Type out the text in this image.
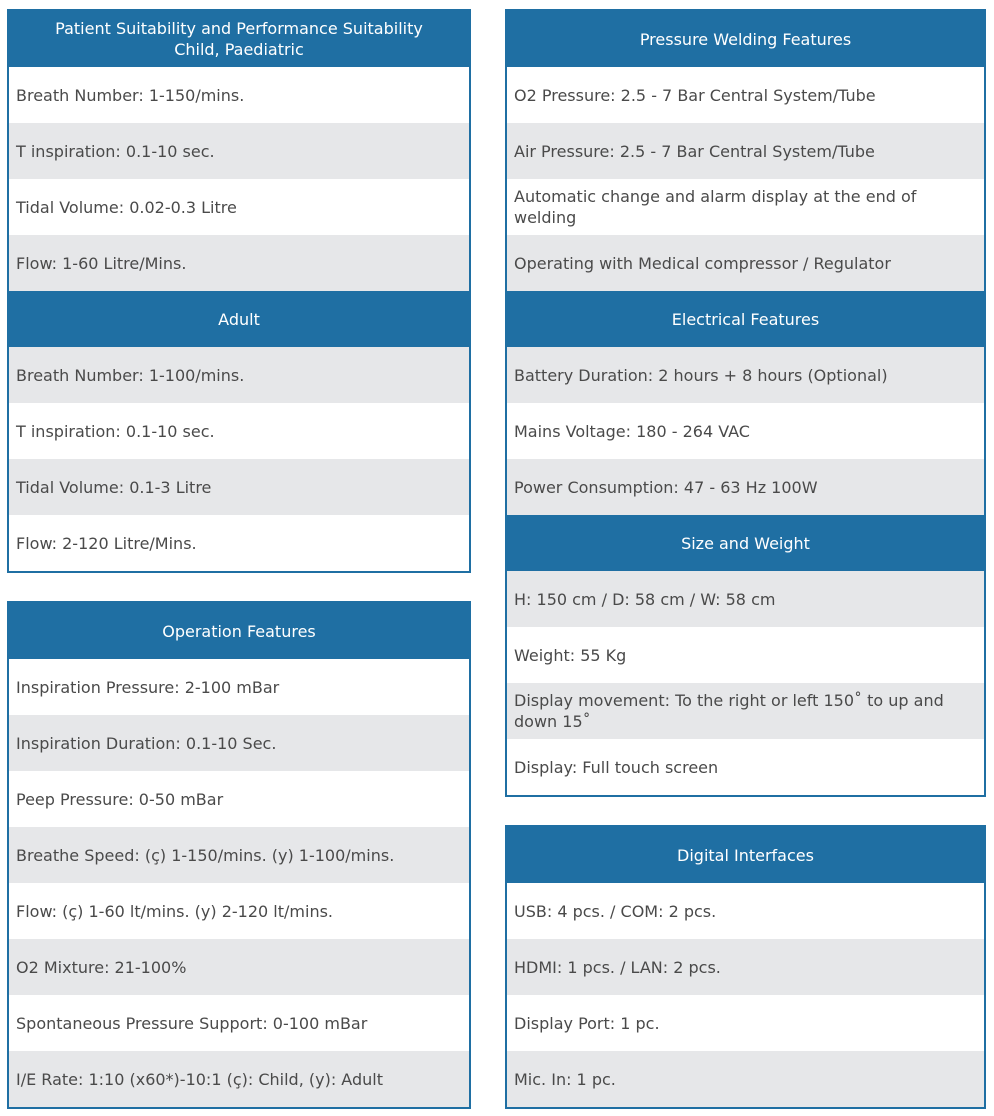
Patient Suitability and Performance Suitability
Child, Paediatric
Breath Number: 1-150/mins.
T inspiration: 0.1-10 sec.
Tidal Volume: 0.02-0.3 Litre
Flow: 1-60 Litre/Mins.
Adult
Breath Number: 1-100/mins.
T inspiration: 0.1-10 sec.
Tidal Volume: 0.1-3 Litre
Flow: 2-120 Litre/Mins.
Operation Features
Inspiration Pressure: 2-100 mBar
Inspiration Duration: 0.1-10 Sec.
Peep Pressure: 0-50 mBar
Breathe Speed: (ç) 1-150/mins. (y) 1-100/mins.
Flow: (ç) 1-60 lt/mins. (y) 2-120 lt/mins.
O2 Mixture: 21-100%
Spontaneous Pressure Support: 0-100 mBar
I/E Rate: 1:10 (x60*)-10:1 (ç): Child, (y): Adult
Pressure Welding Features
O2 Pressure: 2.5 - 7 Bar Central System/Tube
Air Pressure: 2.5 - 7 Bar Central System/Tube
Automatic change and alarm display at the end of welding
Operating with Medical compressor / Regulator
Electrical Features
Battery Duration: 2 hours + 8 hours (Optional)
Mains Voltage: 180 - 264 VAC
Power Consumption: 47 - 63 Hz 100W
Size and Weight
H: 150 cm / D: 58 cm / W: 58 cm
Weight: 55 Kg
Display movement: To the right or left 150˚ to up and down 15˚
Display: Full touch screen
Digital Interfaces
USB: 4 pcs. / COM: 2 pcs.
HDMI: 1 pcs. / LAN: 2 pcs.
Display Port: 1 pc.
Mic. In: 1 pc.
